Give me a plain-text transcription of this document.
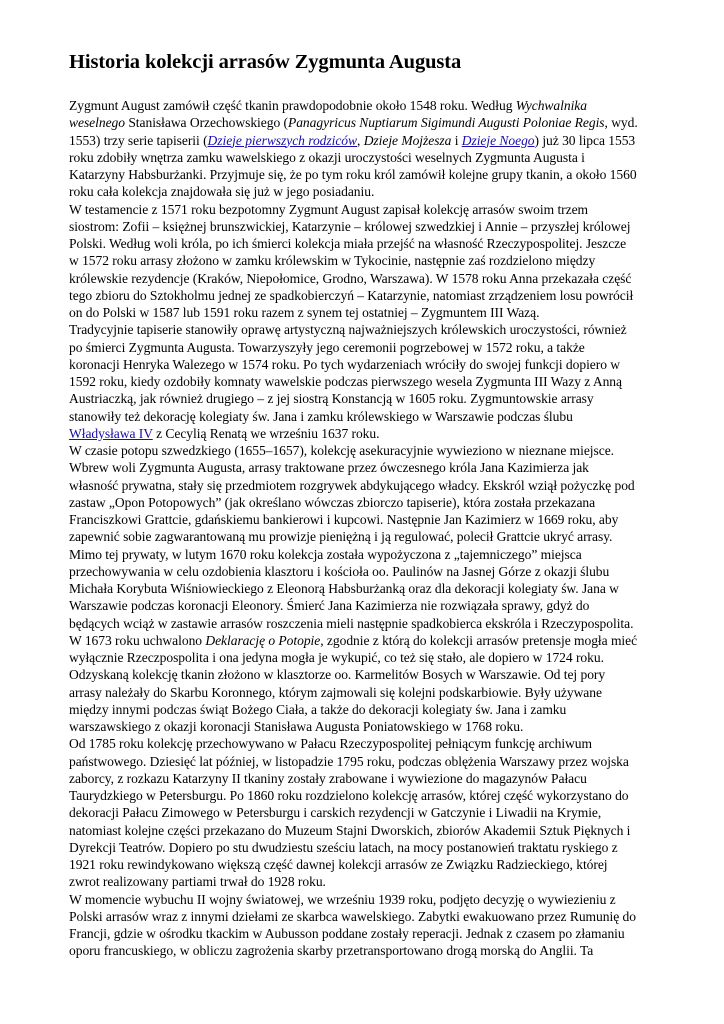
Historia kolekcji arrasów Zygmunta Augusta

Zygmunt August zamówił część tkanin prawdopodobnie około 1548 roku. Według Wychwalnika
weselnego Stanisława Orzechowskiego (Panagyricus Nuptiarum Sigimundi Augusti Poloniae Regis, wyd.
1553) trzy serie tapiserii (Dzieje pierwszych rodziców, Dzieje Mojżesza i Dzieje Noego) już 30 lipca 1553
roku zdobiły wnętrza zamku wawelskiego z okazji uroczystości weselnych Zygmunta Augusta i
Katarzyny Habsburżanki. Przyjmuje się, że po tym roku król zamówił kolejne grupy tkanin, a około 1560
roku cała kolekcja znajdowała się już w jego posiadaniu.

W testamencie z 1571 roku bezpotomny Zygmunt August zapisał kolekcję arrasów swoim trzem
siostrom: Zofii – księżnej brunszwickiej, Katarzynie – królowej szwedzkiej i Annie – przyszłej królowej
Polski. Według woli króla, po ich śmierci kolekcja miała przejść na własność Rzeczypospolitej. Jeszcze
w 1572 roku arrasy złożono w zamku królewskim w Tykocinie, następnie zaś rozdzielono między
królewskie rezydencje (Kraków, Niepołomice, Grodno, Warszawa). W 1578 roku Anna przekazała część
tego zbioru do Sztokholmu jednej ze spadkobierczyń – Katarzynie, natomiast zrządzeniem losu powrócił
on do Polski w 1587 lub 1591 roku razem z synem tej ostatniej – Zygmuntem III Wazą.

Tradycyjnie tapiserie stanowiły oprawę artystyczną najważniejszych królewskich uroczystości, również
po śmierci Zygmunta Augusta. Towarzyszyły jego ceremonii pogrzebowej w 1572 roku, a także
koronacji Henryka Walezego w 1574 roku. Po tych wydarzeniach wróciły do swojej funkcji dopiero w
1592 roku, kiedy ozdobiły komnaty wawelskie podczas pierwszego wesela Zygmunta III Wazy z Anną
Austriaczką, jak również drugiego – z jej siostrą Konstancją w 1605 roku. Zygmuntowskie arrasy
stanowiły też dekorację kolegiaty św. Jana i zamku królewskiego w Warszawie podczas ślubu
Władysława IV z Cecylią Renatą we wrześniu 1637 roku.

W czasie potopu szwedzkiego (1655–1657), kolekcję asekuracyjnie wywieziono w nieznane miejsce.
Wbrew woli Zygmunta Augusta, arrasy traktowane przez ówczesnego króla Jana Kazimierza jak
własność prywatna, stały się przedmiotem rozgrywek abdykującego władcy. Ekskról wziął pożyczkę pod
zastaw „Opon Potopowych” (jak określano wówczas zbiorczo tapiserie), która została przekazana
Franciszkowi Grattcie, gdańskiemu bankierowi i kupcowi. Następnie Jan Kazimierz w 1669 roku, aby
zapewnić sobie zagwarantowaną mu prowizje pieniężną i ją regulować, polecił Grattcie ukryć arrasy.
Mimo tej prywaty, w lutym 1670 roku kolekcja została wypożyczona z „tajemniczego” miejsca
przechowywania w celu ozdobienia klasztoru i kościoła oo. Paulinów na Jasnej Górze z okazji ślubu
Michała Korybuta Wiśniowieckiego z Eleonorą Habsburżanką oraz dla dekoracji kolegiaty św. Jana w
Warszawie podczas koronacji Eleonory. Śmierć Jana Kazimierza nie rozwiązała sprawy, gdyż do
będących wciąż w zastawie arrasów roszczenia mieli następnie spadkobierca ekskróla i Rzeczypospolita.
W 1673 roku uchwalono Deklarację o Potopie, zgodnie z którą do kolekcji arrasów pretensje mogła mieć
wyłącznie Rzeczpospolita i ona jedyna mogła je wykupić, co też się stało, ale dopiero w 1724 roku.
Odzyskaną kolekcję tkanin złożono w klasztorze oo. Karmelitów Bosych w Warszawie. Od tej pory
arrasy należały do Skarbu Koronnego, którym zajmowali się kolejni podskarbiowie. Były używane
między innymi podczas świąt Bożego Ciała, a także do dekoracji kolegiaty św. Jana i zamku
warszawskiego z okazji koronacji Stanisława Augusta Poniatowskiego w 1768 roku.

Od 1785 roku kolekcję przechowywano w Pałacu Rzeczypospolitej pełniącym funkcję archiwum
państwowego. Dziesięć lat później, w listopadzie 1795 roku, podczas oblężenia Warszawy przez wojska
zaborcy, z rozkazu Katarzyny II tkaniny zostały zrabowane i wywiezione do magazynów Pałacu
Taurydzkiego w Petersburgu. Po 1860 roku rozdzielono kolekcję arrasów, której część wykorzystano do
dekoracji Pałacu Zimowego w Petersburgu i carskich rezydencji w Gatczynie i Liwadii na Krymie,
natomiast kolejne części przekazano do Muzeum Stajni Dworskich, zbiorów Akademii Sztuk Pięknych i
Dyrekcji Teatrów. Dopiero po stu dwudziestu sześciu latach, na mocy postanowień traktatu ryskiego z
1921 roku rewindykowano większą część dawnej kolekcji arrasów ze Związku Radzieckiego, której
zwrot realizowany partiami trwał do 1928 roku.

W momencie wybuchu II wojny światowej, we wrześniu 1939 roku, podjęto decyzję o wywiezieniu z
Polski arrasów wraz z innymi dziełami ze skarbca wawelskiego. Zabytki ewakuowano przez Rumunię do
Francji, gdzie w ośrodku tkackim w Aubusson poddane zostały reperacji. Jednak z czasem po złamaniu
oporu francuskiego, w obliczu zagrożenia skarby przetransportowano drogą morską do Anglii. Ta
